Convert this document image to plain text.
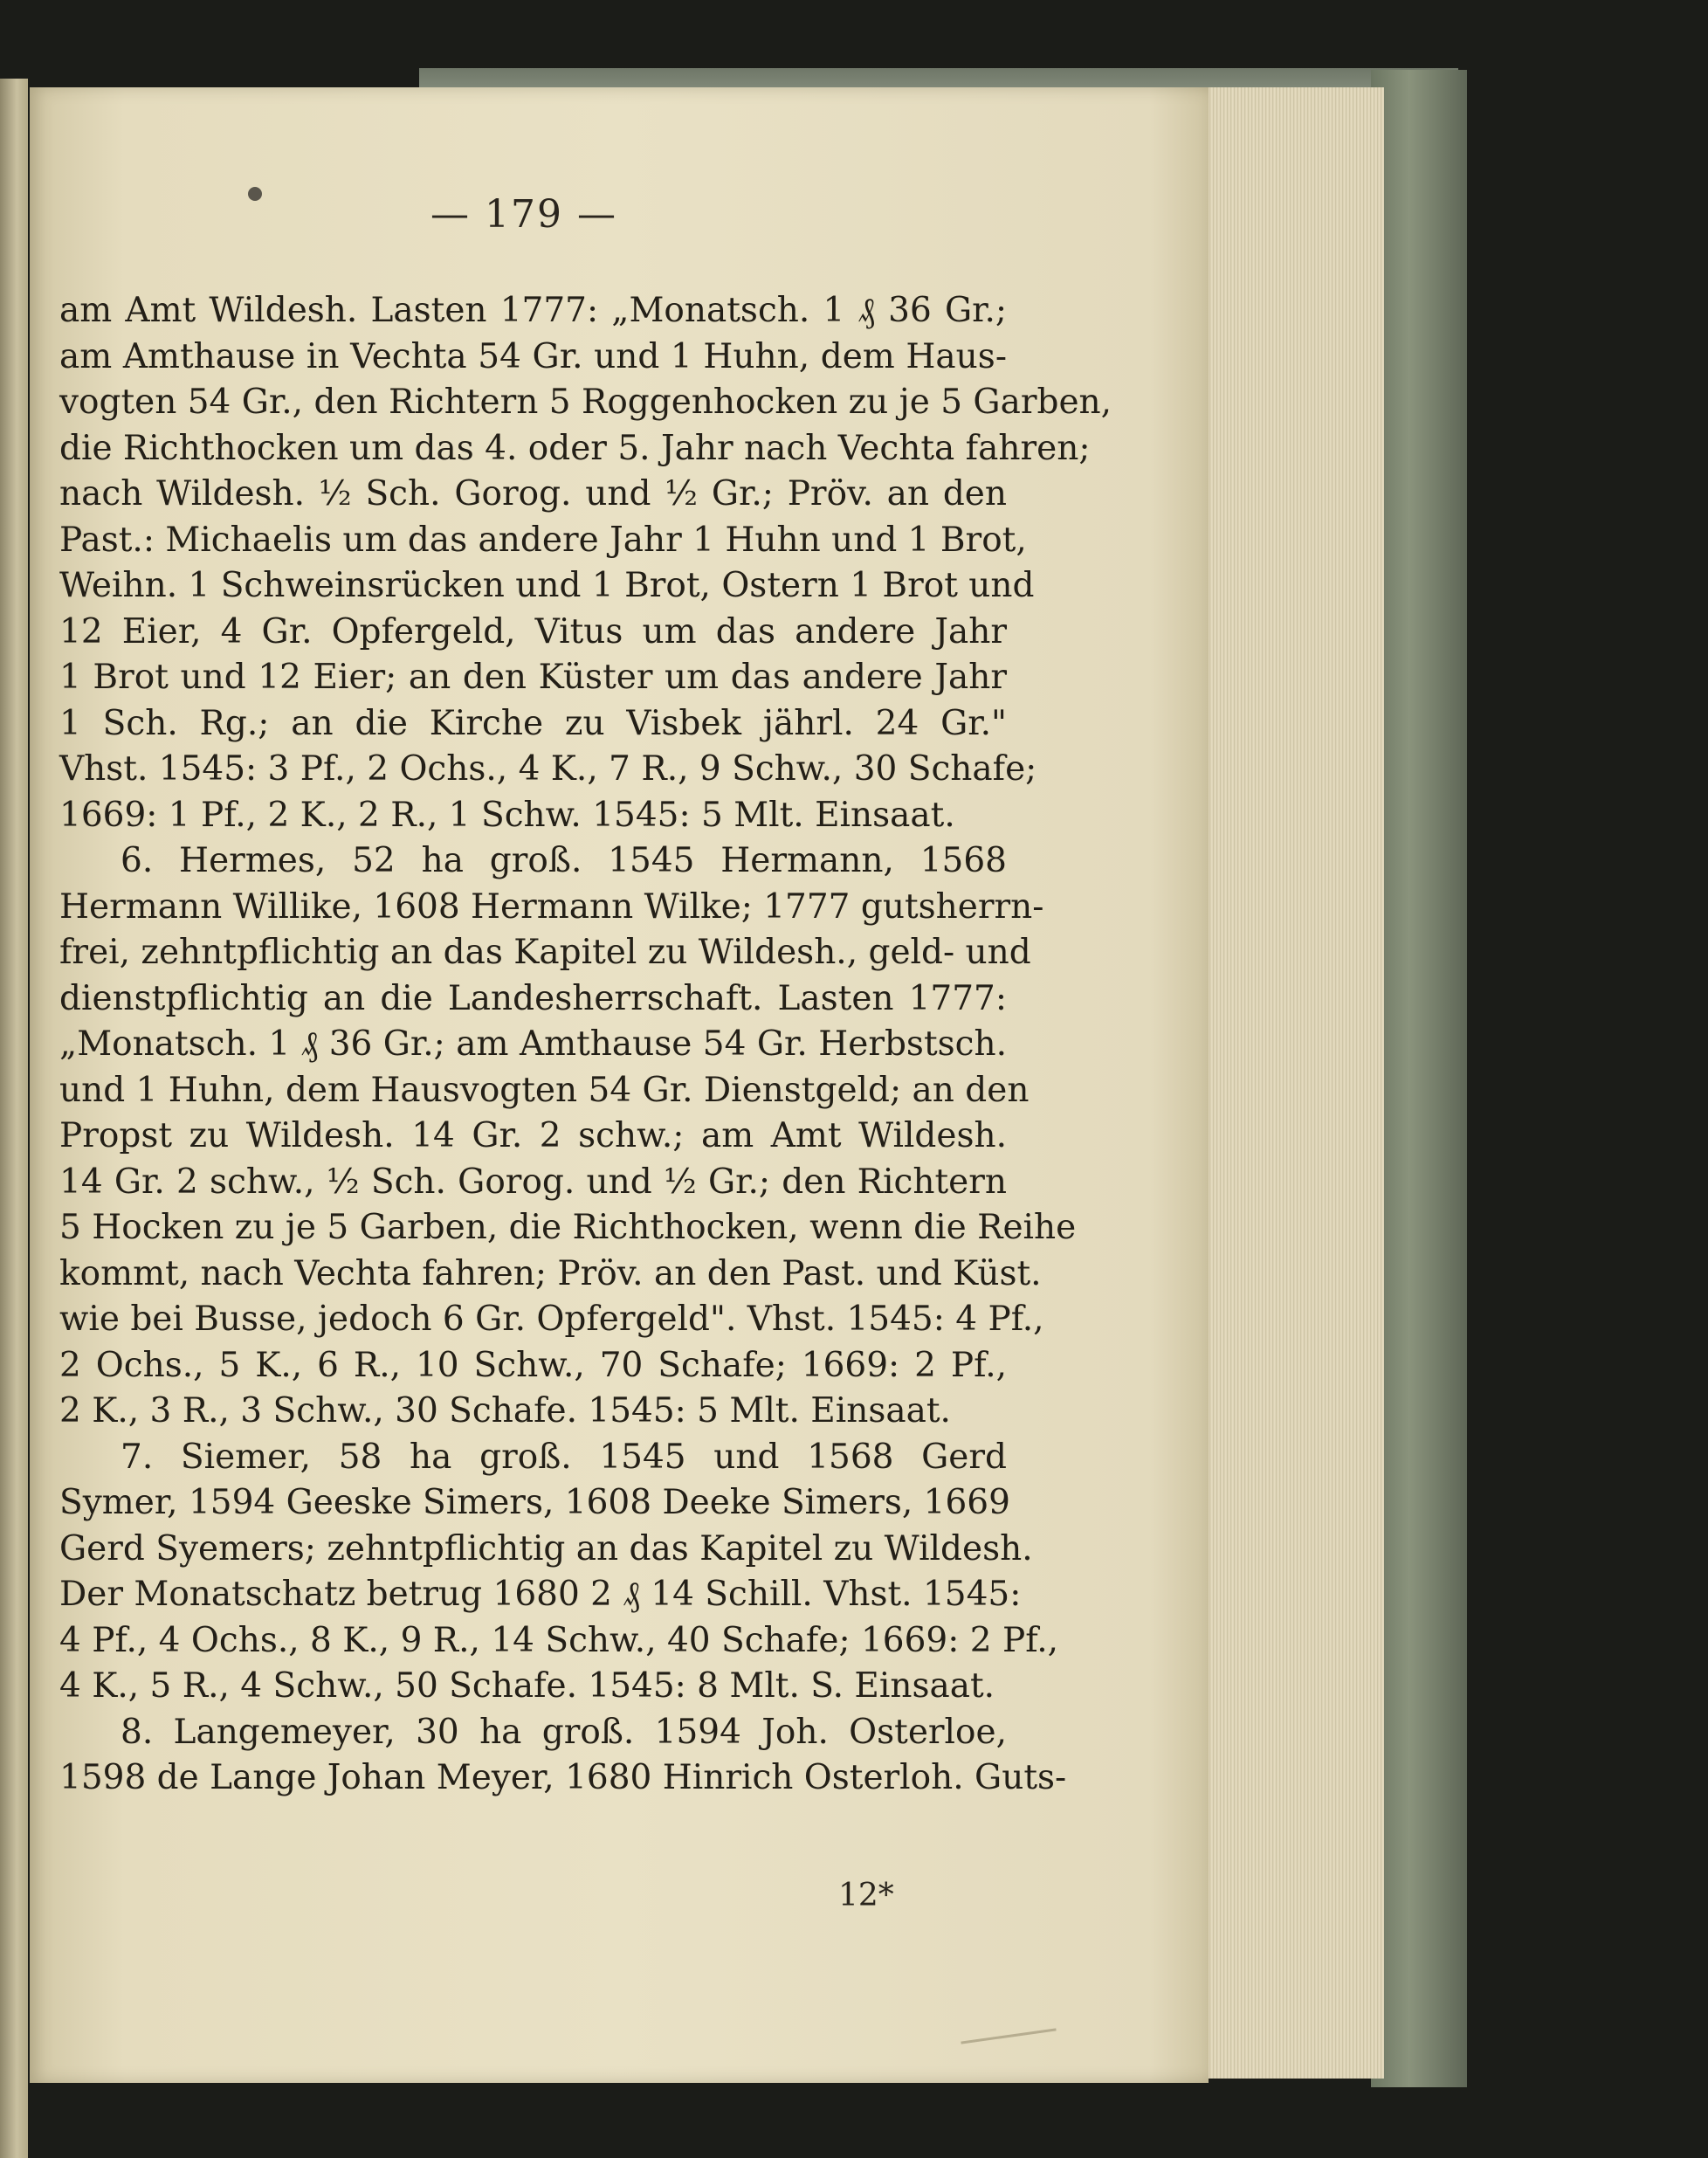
— 179 —
am Amt Wildesh. Lasten 1777: „Monatsch. 1 ₰ 36 Gr.;
am Amthause in Vechta 54 Gr. und 1 Huhn, dem Haus-
vogten 54 Gr., den Richtern 5 Roggenhocken zu je 5 Garben,
die Richthocken um das 4. oder 5. Jahr nach Vechta fahren;
nach Wildesh. ½ Sch. Gorog. und ½ Gr.; Pröv. an den
Past.: Michaelis um das andere Jahr 1 Huhn und 1 Brot,
Weihn. 1 Schweinsrücken und 1 Brot, Ostern 1 Brot und
12 Eier, 4 Gr. Opfergeld, Vitus um das andere Jahr
1 Brot und 12 Eier; an den Küster um das andere Jahr
1 Sch. Rg.; an die Kirche zu Visbek jährl. 24 Gr."
Vhst. 1545: 3 Pf., 2 Ochs., 4 K., 7 R., 9 Schw., 30 Schafe;
1669: 1 Pf., 2 K., 2 R., 1 Schw. 1545: 5 Mlt. Einsaat.
6. Hermes, 52 ha groß. 1545 Hermann, 1568
Hermann Willike, 1608 Hermann Wilke; 1777 gutsherrn-
frei, zehntpflichtig an das Kapitel zu Wildesh., geld- und
dienstpflichtig an die Landesherrschaft. Lasten 1777:
„Monatsch. 1 ₰ 36 Gr.; am Amthause 54 Gr. Herbstsch.
und 1 Huhn, dem Hausvogten 54 Gr. Dienstgeld; an den
Propst zu Wildesh. 14 Gr. 2 schw.; am Amt Wildesh.
14 Gr. 2 schw., ½ Sch. Gorog. und ½ Gr.; den Richtern
5 Hocken zu je 5 Garben, die Richthocken, wenn die Reihe
kommt, nach Vechta fahren; Pröv. an den Past. und Küst.
wie bei Busse, jedoch 6 Gr. Opfergeld". Vhst. 1545: 4 Pf.,
2 Ochs., 5 K., 6 R., 10 Schw., 70 Schafe; 1669: 2 Pf.,
2 K., 3 R., 3 Schw., 30 Schafe. 1545: 5 Mlt. Einsaat.
7. Siemer, 58 ha groß. 1545 und 1568 Gerd
Symer, 1594 Geeske Simers, 1608 Deeke Simers, 1669
Gerd Syemers; zehntpflichtig an das Kapitel zu Wildesh.
Der Monatschatz betrug 1680 2 ₰ 14 Schill. Vhst. 1545:
4 Pf., 4 Ochs., 8 K., 9 R., 14 Schw., 40 Schafe; 1669: 2 Pf.,
4 K., 5 R., 4 Schw., 50 Schafe. 1545: 8 Mlt. S. Einsaat.
8. Langemeyer, 30 ha groß. 1594 Joh. Osterloe,
1598 de Lange Johan Meyer, 1680 Hinrich Osterloh. Guts-
12*
